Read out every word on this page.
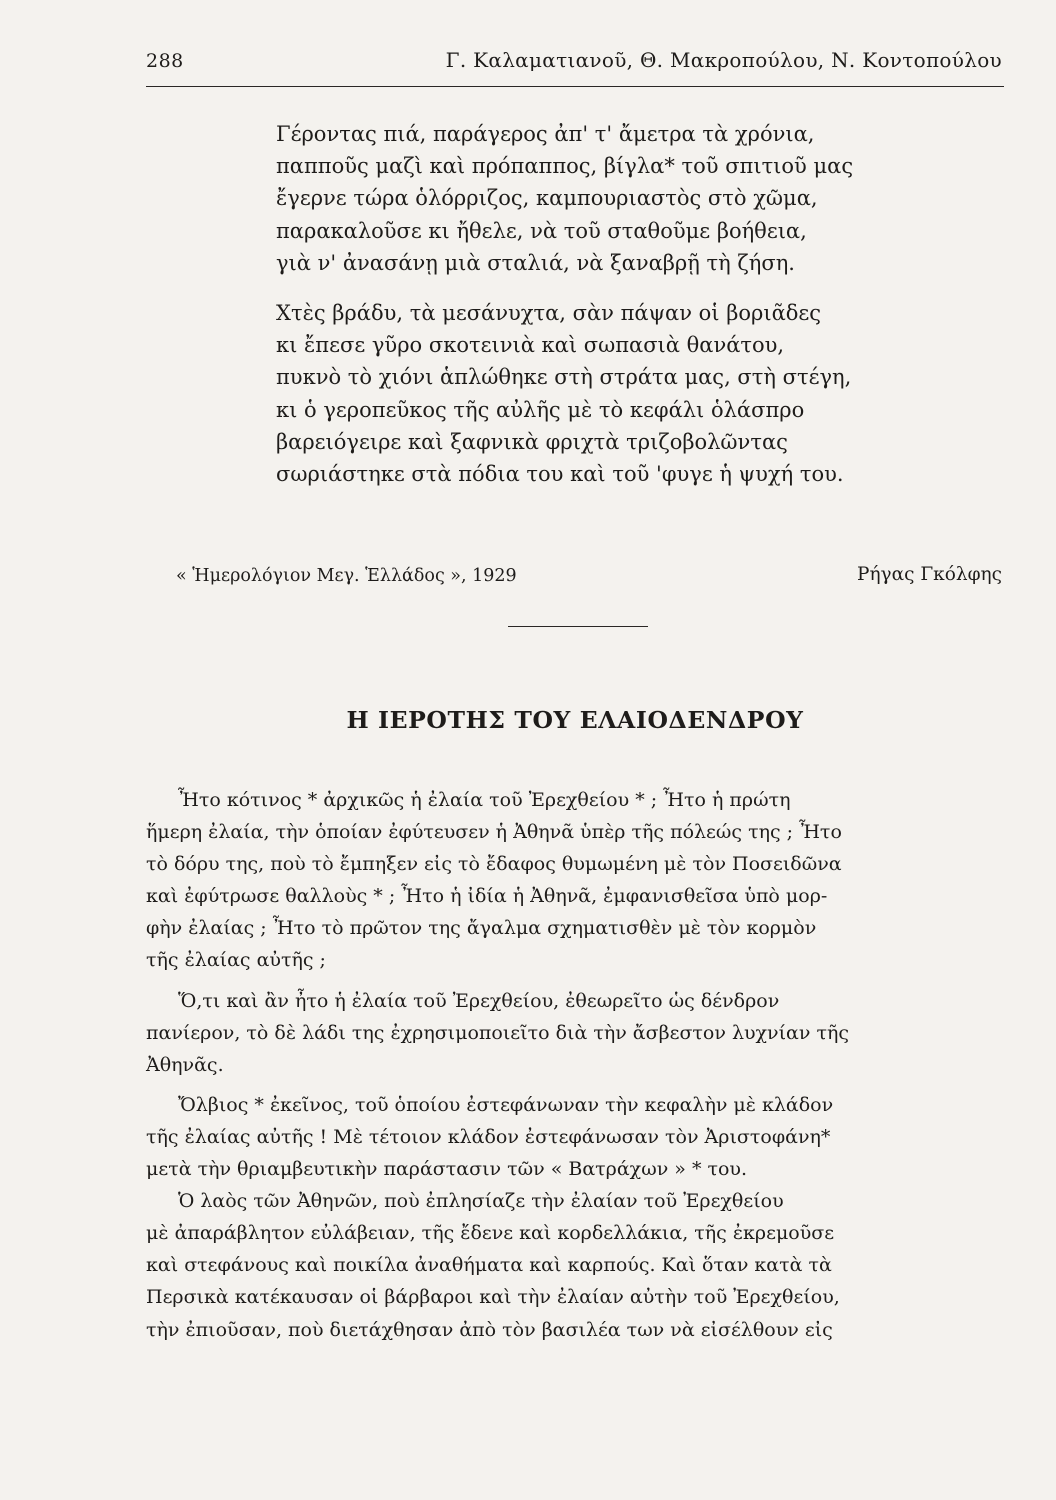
288	Γ. Καλαματιανοῦ, Θ. Μακροπούλου, Ν. Κοντοπούλου
Γέροντας πιά, παράγερος ἀπ' τ' ἄμετρα τὰ χρόνια,
παπποῦς μαζὶ καὶ πρόπαππος, βίγλα* τοῦ σπιτιοῦ μας
ἔγερνε τώρα ὁλόρριζος, καμπουριαστὸς στὸ χῶμα,
παρακαλοῦσε κι ἤθελε, νὰ τοῦ σταθοῦμε βοήθεια,
γιὰ ν' ἀνασάνῃ μιὰ σταλιά, νὰ ξαναβρῇ τὴ ζήση.
Χτὲς βράδυ, τὰ μεσάνυχτα, σὰν πάψαν οἱ βοριᾶδες
κι ἔπεσε γῦρο σκοτεινιὰ καὶ σωπασιὰ θανάτου,
πυκνὸ τὸ χιόνι ἁπλώθηκε στὴ στράτα μας, στὴ στέγη,
κι ὁ γεροπεῦκος τῆς αὐλῆς μὲ τὸ κεφάλι ὁλάσπρο
βαρειόγειρε καὶ ξαφνικὰ φριχτὰ τριζοβολῶντας
σωριάστηκε στὰ πόδια του καὶ τοῦ 'φυγε ἡ ψυχή του.
« Ἡμερολόγιον Μεγ. Ἑλλάδος », 1929	Ρήγας Γκόλφης
Η ΙΕΡΟΤΗΣ ΤΟΥ ΕΛΑΙΟΔΕΝΔΡΟΥ
Ἦτο κότινος * ἀρχικῶς ἡ ἐλαία τοῦ Ἐρεχθείου * ; Ἦτο ἡ πρώτη
ἥμερη ἐλαία, τὴν ὁποίαν ἐφύτευσεν ἡ Ἀθηνᾶ ὑπὲρ τῆς πόλεώς της ; Ἦτο
τὸ δόρυ της, ποὺ τὸ ἔμπηξεν εἰς τὸ ἔδαφος θυμωμένη μὲ τὸν Ποσειδῶνα
καὶ ἐφύτρωσε θαλλοὺς * ; Ἦτο ἡ ἰδία ἡ Ἀθηνᾶ, ἐμφανισθεῖσα ὑπὸ μορ-
φὴν ἐλαίας ; Ἦτο τὸ πρῶτον της ἄγαλμα σχηματισθὲν μὲ τὸν κορμὸν
τῆς ἐλαίας αὐτῆς ;
Ὅ,τι καὶ ἂν ἦτο ἡ ἐλαία τοῦ Ἐρεχθείου, ἐθεωρεῖτο ὡς δένδρον
πανίερον, τὸ δὲ λάδι της ἐχρησιμοποιεῖτο διὰ τὴν ἄσβεστον λυχνίαν τῆς
Ἀθηνᾶς.
Ὄλβιος * ἐκεῖνος, τοῦ ὁποίου ἐστεφάνωναν τὴν κεφαλὴν μὲ κλάδον
τῆς ἐλαίας αὐτῆς ! Μὲ τέτοιον κλάδον ἐστεφάνωσαν τὸν Ἀριστοφάνη*
μετὰ τὴν θριαμβευτικὴν παράστασιν τῶν « Βατράχων » * του.
Ὁ λαὸς τῶν Ἀθηνῶν, ποὺ ἐπλησίαζε τὴν ἐλαίαν τοῦ Ἐρεχθείου
μὲ ἀπαράβλητον εὐλάβειαν, τῆς ἔδενε καὶ κορδελλάκια, τῆς ἐκρεμοῦσε
καὶ στεφάνους καὶ ποικίλα ἀναθήματα καὶ καρπούς. Καὶ ὅταν κατὰ τὰ
Περσικὰ κατέκαυσαν οἱ βάρβαροι καὶ τὴν ἐλαίαν αὐτὴν τοῦ Ἐρεχθείου,
τὴν ἐπιοῦσαν, ποὺ διετάχθησαν ἀπὸ τὸν βασιλέα των νὰ εἰσέλθουν εἰς
